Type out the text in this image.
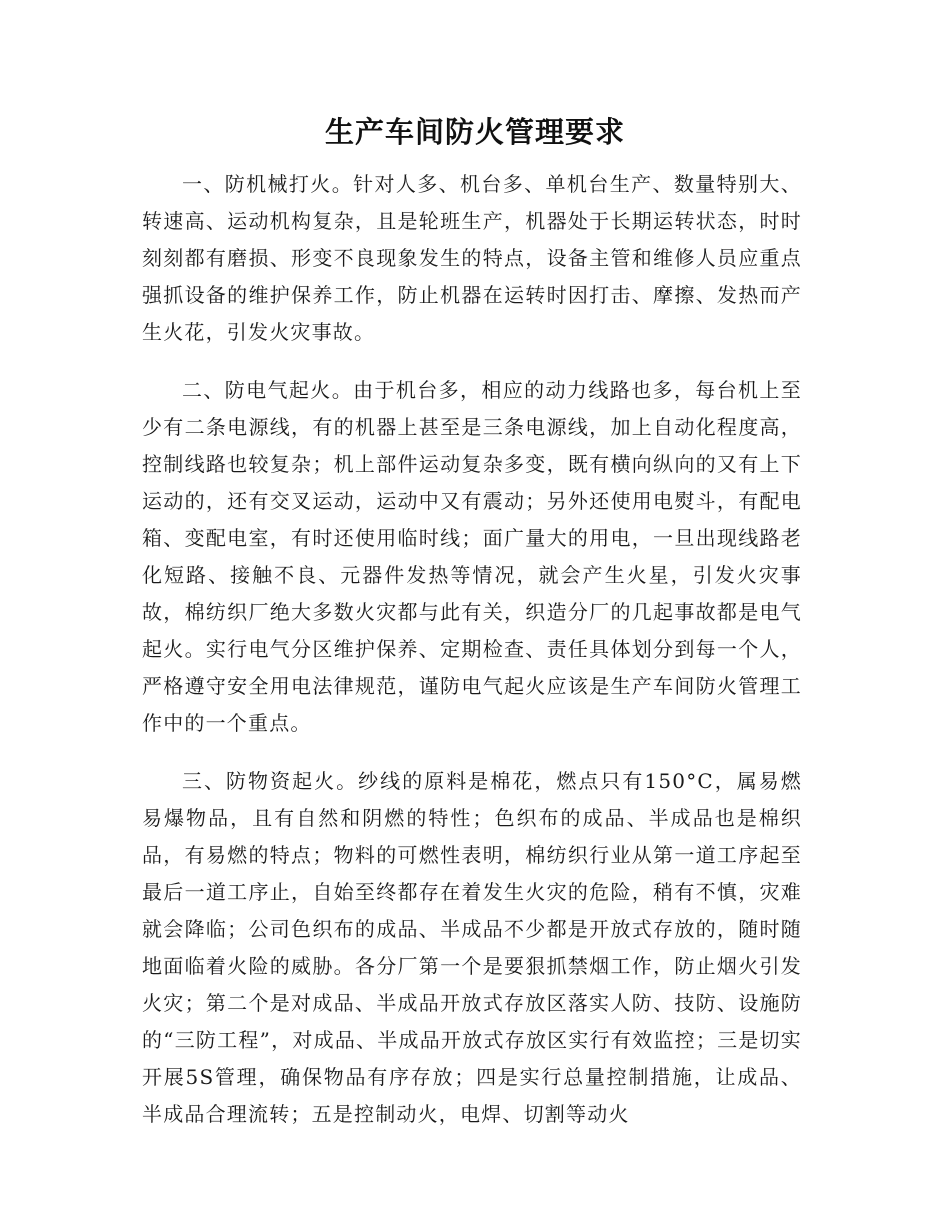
生产车间防火管理要求

一、防机械打火。针对人多、机台多、单机台生产、数量特别大、转速高、运动机构复杂，且是轮班生产，机器处于长期运转状态，时时刻刻都有磨损、形变不良现象发生的特点，设备主管和维修人员应重点强抓设备的维护保养工作，防止机器在运转时因打击、摩擦、发热而产生火花，引发火灾事故。

二、防电气起火。由于机台多，相应的动力线路也多，每台机上至少有二条电源线，有的机器上甚至是三条电源线，加上自动化程度高，控制线路也较复杂；机上部件运动复杂多变，既有横向纵向的又有上下运动的，还有交叉运动，运动中又有震动；另外还使用电熨斗，有配电箱、变配电室，有时还使用临时线；面广量大的用电，一旦出现线路老化短路、接触不良、元器件发热等情况，就会产生火星，引发火灾事故，棉纺织厂绝大多数火灾都与此有关，织造分厂的几起事故都是电气起火。实行电气分区维护保养、定期检查、责任具体划分到每一个人，严格遵守安全用电法律规范，谨防电气起火应该是生产车间防火管理工作中的一个重点。

三、防物资起火。纱线的原料是棉花，燃点只有150°C，属易燃易爆物品，且有自然和阴燃的特性；色织布的成品、半成品也是棉织品，有易燃的特点；物料的可燃性表明，棉纺织行业从第一道工序起至最后一道工序止，自始至终都存在着发生火灾的危险，稍有不慎，灾难就会降临；公司色织布的成品、半成品不少都是开放式存放的，随时随地面临着火险的威胁。各分厂第一个是要狠抓禁烟工作，防止烟火引发火灾；第二个是对成品、半成品开放式存放区落实人防、技防、设施防的“三防工程”，对成品、半成品开放式存放区实行有效监控；三是切实开展5S管理，确保物品有序存放；四是实行总量控制措施，让成品、半成品合理流转；五是控制动火，电焊、切割等动火
